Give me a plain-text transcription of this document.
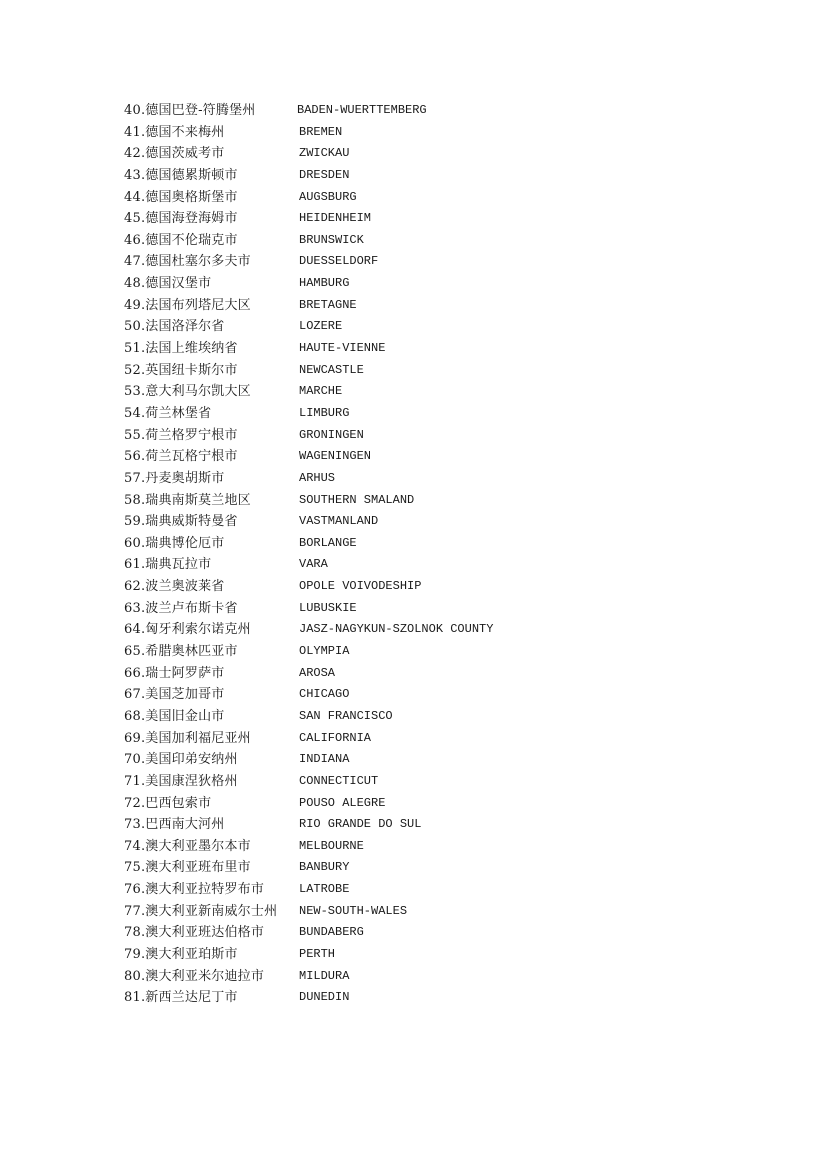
40.德国巴登-符腾堡州	BADEN-WUERTTEMBERG
41.德国不来梅州	BREMEN
42.德国茨威考市	ZWICKAU
43.德国德累斯顿市	DRESDEN
44.德国奥格斯堡市	AUGSBURG
45.德国海登海姆市	HEIDENHEIM
46.德国不伦瑞克市	BRUNSWICK
47.德国杜塞尔多夫市	DUESSELDORF
48.德国汉堡市	HAMBURG
49.法国布列塔尼大区	BRETAGNE
50.法国洛泽尔省	LOZERE
51.法国上维埃纳省	HAUTE-VIENNE
52.英国纽卡斯尔市	NEWCASTLE
53.意大利马尔凯大区	MARCHE
54.荷兰林堡省	LIMBURG
55.荷兰格罗宁根市	GRONINGEN
56.荷兰瓦格宁根市	WAGENINGEN
57.丹麦奥胡斯市	ARHUS
58.瑞典南斯莫兰地区	SOUTHERN SMALAND
59.瑞典威斯特曼省	VASTMANLAND
60.瑞典博伦厄市	BORLANGE
61.瑞典瓦拉市	VARA
62.波兰奥波莱省	OPOLE VOIVODESHIP
63.波兰卢布斯卡省	LUBUSKIE
64.匈牙利索尔诺克州	JASZ-NAGYKUN-SZOLNOK COUNTY
65.希腊奥林匹亚市	OLYMPIA
66.瑞士阿罗萨市	AROSA
67.美国芝加哥市	CHICAGO
68.美国旧金山市	SAN FRANCISCO
69.美国加利福尼亚州	CALIFORNIA
70.美国印弟安纳州	INDIANA
71.美国康涅狄格州	CONNECTICUT
72.巴西包索市	POUSO ALEGRE
73.巴西南大河州	RIO GRANDE DO SUL
74.澳大利亚墨尔本市	MELBOURNE
75.澳大利亚班布里市	BANBURY
76.澳大利亚拉特罗布市	LATROBE
77.澳大利亚新南威尔士州 NEW-SOUTH-WALES
78.澳大利亚班达伯格市	BUNDABERG
79.澳大利亚珀斯市	PERTH
80.澳大利亚米尔迪拉市	MILDURA
81.新西兰达尼丁市	DUNEDIN
